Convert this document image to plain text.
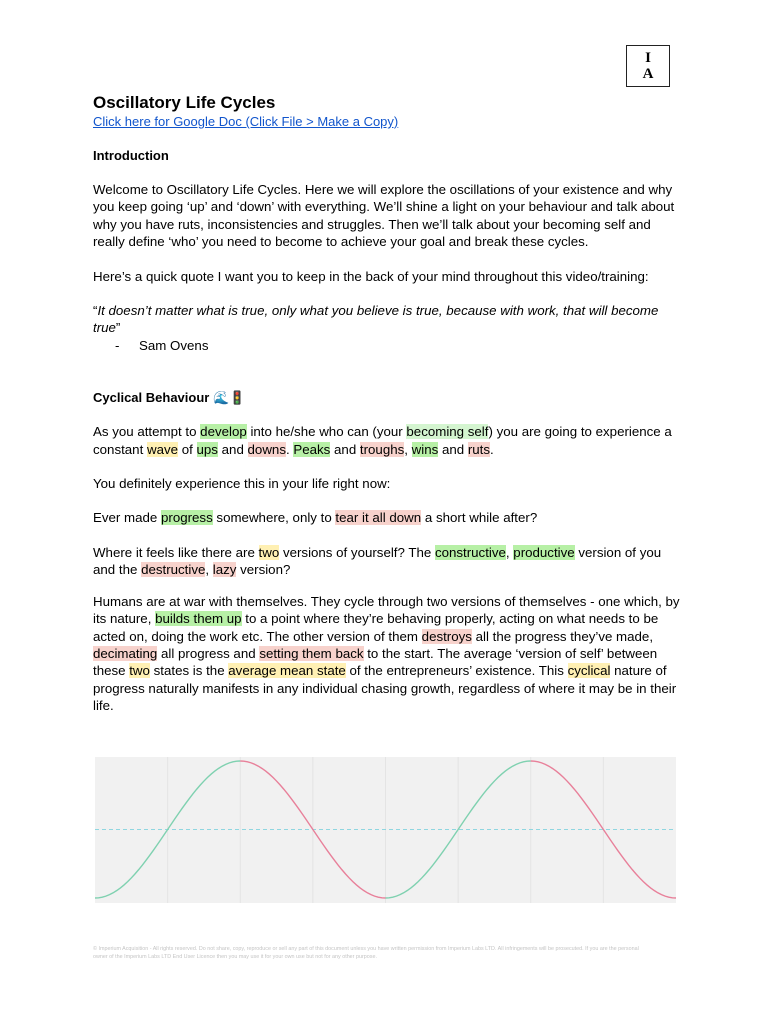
I
A
Oscillatory Life Cycles
Click here for Google Doc (Click File > Make a Copy)
Introduction

Welcome to Oscillatory Life Cycles. Here we will explore the oscillations of your existence and why you keep going ‘up’ and ‘down’ with everything. We’ll shine a light on your behaviour and talk about why you have ruts, inconsistencies and struggles. Then we’ll talk about your becoming self and really define ‘who’ you need to become to achieve your goal and break these cycles.

Here’s a quick quote I want you to keep in the back of your mind throughout this video/training:

“It doesn’t matter what is true, only what you believe is true, because with work, that will become true”

- Sam Ovens

Cyclical Behaviour 🌊🚦

As you attempt to develop into he/she who can (your becoming self) you are going to experience a constant wave of ups and downs. Peaks and troughs, wins and ruts.

You definitely experience this in your life right now:

Ever made progress somewhere, only to tear it all down a short while after?

Where it feels like there are two versions of yourself? The constructive, productive version of you and the destructive, lazy version?

Humans are at war with themselves. They cycle through two versions of themselves - one which, by its nature, builds them up to a point where they’re behaving properly, acting on what needs to be acted on, doing the work etc. The other version of them destroys all the progress they’ve made, decimating all progress and setting them back to the start. The average ‘version of self’ between these two states is the average mean state of the entrepreneurs’ existence. This cyclical nature of progress naturally manifests in any individual chasing growth, regardless of where it may be in their life.

© Imperium Acquisition - All rights reserved. Do not share, copy, reproduce or sell any part of this document unless you have written permission from Imperium Labs LTD. All infringements will be prosecuted. If you are the personal owner of the Imperium Labs LTD End User Licence then you may use it for your own use but not for any other purpose.
